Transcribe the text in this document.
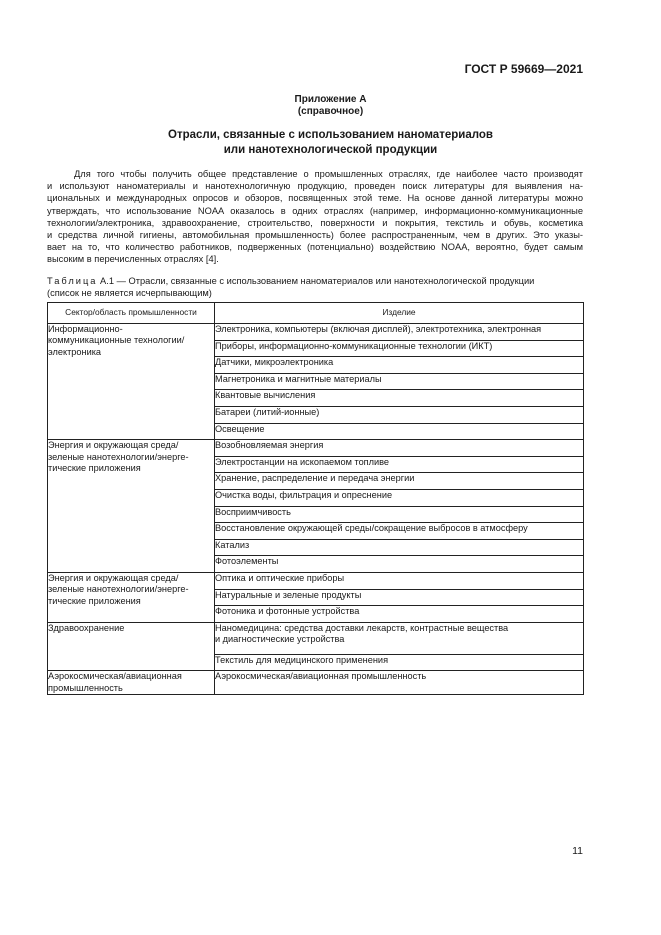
ГОСТ Р 59669—2021
Приложение А
(справочное)
Отрасли, связанные с использованием наноматериалов
или нанотехнологической продукции
Для того чтобы получить общее представление о промышленных отраслях, где наиболее часто производят
и используют наноматериалы и нанотехнологичную продукцию, проведен поиск литературы для выявления на-
циональных и международных опросов и обзоров, посвященных этой теме. На основе данной литературы можно
утверждать, что использование NOAA оказалось в одних отраслях (например, информационно-коммуникационные
технологии/электроника, здравоохранение, строительство, поверхности и покрытия, текстиль и обувь, косметика
и средства личной гигиены, автомобильная промышленность) более распространенным, чем в других. Это указы-
вает на то, что количество работников, подверженных (потенциально) воздействию NOAA, вероятно, будет самым
высоким в перечисленных отраслях [4].
Таблица А.1 — Отрасли, связанные с использованием наноматериалов или нанотехнологической продукции
(список не является исчерпывающим)
Сектор/область промышленности	Изделие

Информационно-
коммуникационные технологии/
электроника	Электроника, компьютеры (включая дисплей), электротехника, электронная

	Приборы, информационно-коммуникационные технологии (ИКТ)

	Датчики, микроэлектроника

	Магнетроника и магнитные материалы

	Квантовые вычисления

	Батареи (литий-ионные)

	Освещение

Энергия и окружающая среда/
зеленые нанотехнологии/энерге-
тические приложения	Возобновляемая энергия

	Электростанции на ископаемом топливе

	Хранение, распределение и передача энергии

	Очистка воды, фильтрация и опреснение

	Восприимчивость

	Восстановление окружающей среды/сокращение выбросов в атмосферу

	Катализ

	Фотоэлементы

Энергия и окружающая среда/
зеленые нанотехнологии/энерге-
тические приложения	Оптика и оптические приборы

	Натуральные и зеленые продукты

	Фотоника и фотонные устройства

Здравоохранение	Наномедицина: средства доставки лекарств, контрастные вещества
и диагностические устройства

	Текстиль для медицинского применения

Аэрокосмическая/авиационная
промышленность	Аэрокосмическая/авиационная промышленность
11
